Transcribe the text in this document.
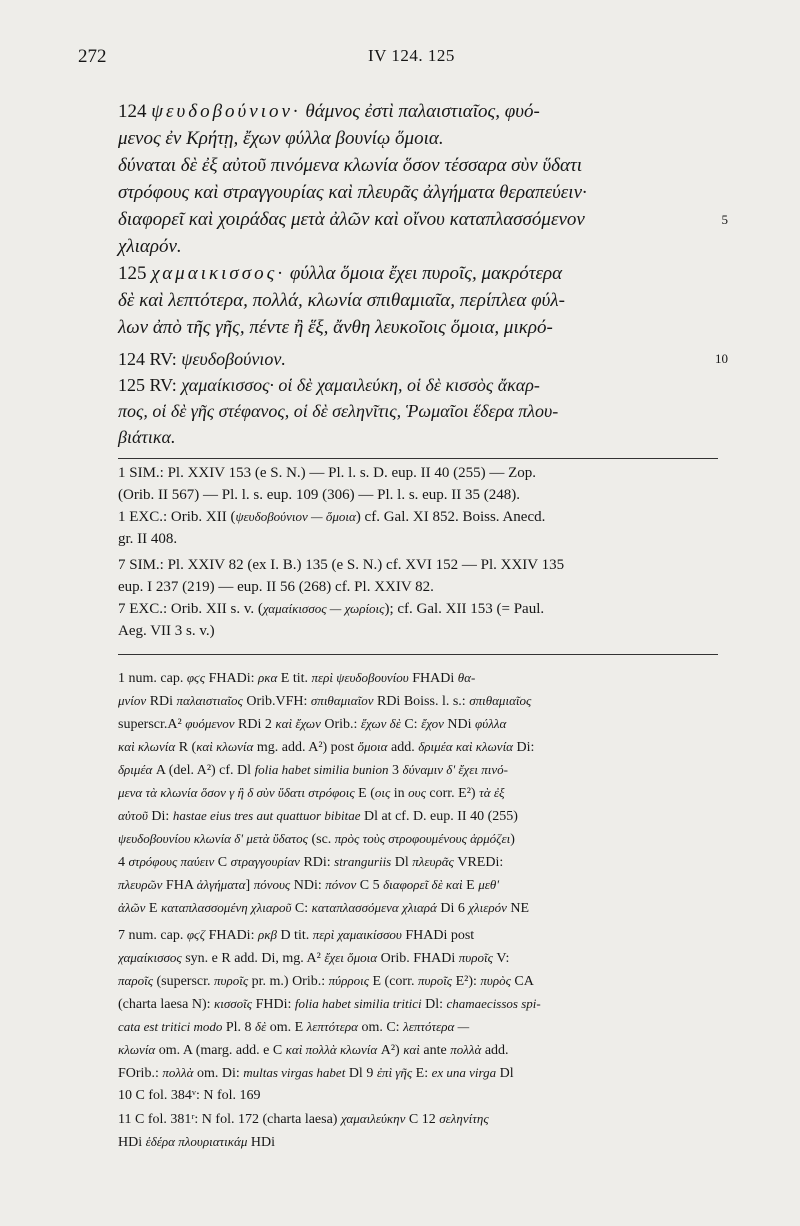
272	IV 124. 125
124 ψευδοβούνιον· θάμνος ἐστὶ παλαιστιαῖος, φυό-
μενος ἐν Κρήτῃ, ἔχων φύλλα βουνίῳ ὅμοια.
δύναται δὲ ἐξ αὐτοῦ πινόμενα κλωνία ὅσον τέσσαρα σὺν ὕδατι
στρόφους καὶ στραγγουρίας καὶ πλευρᾶς ἀλγήματα θεραπεύειν·
διαφορεῖ καὶ χοιράδας μετὰ ἀλῶν καὶ οἴνου καταπλασσόμενον	5
χλιαρόν.
125 χαμαικισσος· φύλλα ὅμοια ἔχει πυροῖς, μακρότερα
δὲ καὶ λεπτότερα, πολλά, κλωνία σπιθαμιαῖα, περίπλεα φύλ-
λων ἀπὸ τῆς γῆς, πέντε ἢ ἕξ, ἄνθη λευκοῖοις ὅμοια, μικρό-
124 RV: ψευδοβούνιον.	10
125 RV: χαμαίκισσος· οἱ δὲ χαμαιλεύκη, οἱ δὲ κισσὸς ἄκαρ-
πος, οἱ δὲ γῆς στέφανος, οἱ δὲ σεληνῖτις, Ῥωμαῖοι ἕδερα πλου-
βιάτικα.
1 SIM.: Pl. XXIV 153 (e S. N.) — Pl. l. s. D. eup. II 40 (255) — Zop.
(Orib. II 567) — Pl. l. s. eup. 109 (306) — Pl. l. s. eup. II 35 (248).
1 EXC.: Orib. XII (ψευδοβούνιον — ὅμοια) cf. Gal. XI 852. Boiss. Anecd.
gr. II 408.
7 SIM.: Pl. XXIV 82 (ex I. B.) 135 (e S. N.) cf. XVI 152 — Pl. XXIV 135
eup. I 237 (219) — eup. II 56 (268) cf. Pl. XXIV 82.
7 EXC.: Orib. XII s. v. (χαμαίκισσος — χωρίοις); cf. Gal. XII 153 (= Paul.
Aeg. VII 3 s. v.)
1 num. cap. φϛς FHADi: ρκα E tit. περὶ ψευδοβουνίου FHADi θα-
μνίον RDi παλαιστιαῖος Orib.VFH: σπιθαμιαῖον RDi Boiss. l. s.: σπιθαμιαῖος
superscr.A² φυόμενον RDi 2 καὶ ἔχων Orib.: ἔχων δὲ C: ἔχον NDi φύλλα
καὶ κλωνία R (καὶ κλωνία mg. add. A²) post ὅμοια add. δριμέα καὶ κλωνία Di:
δριμέα A (del. A²) cf. Dl folia habet similia bunion 3 δύναμιν δ' ἔχει πινό-
μενα τὰ κλωνία ὅσον γ ἢ δ σὺν ὕδατι στρόφοις E (οις in ους corr. E²) τὰ ἐξ
αὐτοῦ Di: hastae eius tres aut quattuor bibitae Dl at cf. D. eup. II 40 (255)
ψευδοβουνίου κλωνία δ' μετὰ ὕδατος (sc. πρὸς τοὺς στροφουμένους ἁρμόζει)
4 στρόφους παύειν C στραγγουρίαν RDi: stranguriis Dl πλευρᾶς VREDi:
πλευρῶν FHA ἀλγήματα] πόνους NDi: πόνον C 5 διαφορεῖ δὲ καὶ E μεθ'
ἀλῶν E καταπλασσομένη χλιαροῦ C: καταπλασσόμενα χλιαρά Di 6 χλιερόν NE
7 num. cap. φϛζ FHADi: ρκβ D tit. περὶ χαμαικίσσου FHADi post
χαμαίκισσος syn. e R add. Di, mg. A² ἔχει ὅμοια Orib. FHADi πυροῖς V:
παροῖς (superscr. πυροῖς pr. m.) Orib.: πύρροις E (corr. πυροῖς E²): πυρὸς CA
(charta laesa N): κισσοῖς FHDi: folia habet similia tritici Dl: chamaecissos spi-
cata est tritici modo Pl. 8 δὲ om. E λεπτότερα om. C: λεπτότερα —
κλωνία om. A (marg. add. e C καὶ πολλὰ κλωνία A²) καὶ ante πολλὰ add.
FOrib.: πολλὰ om. Di: multas virgas habet Dl 9 ἐπὶ γῆς E: ex una virga Dl
10 C fol. 384ᵛ: N fol. 169
11 C fol. 381ʳ: N fol. 172 (charta laesa) χαμαιλεύκην C 12 σεληνίτης
HDi ἑδέρα πλουριατικάμ HDi
